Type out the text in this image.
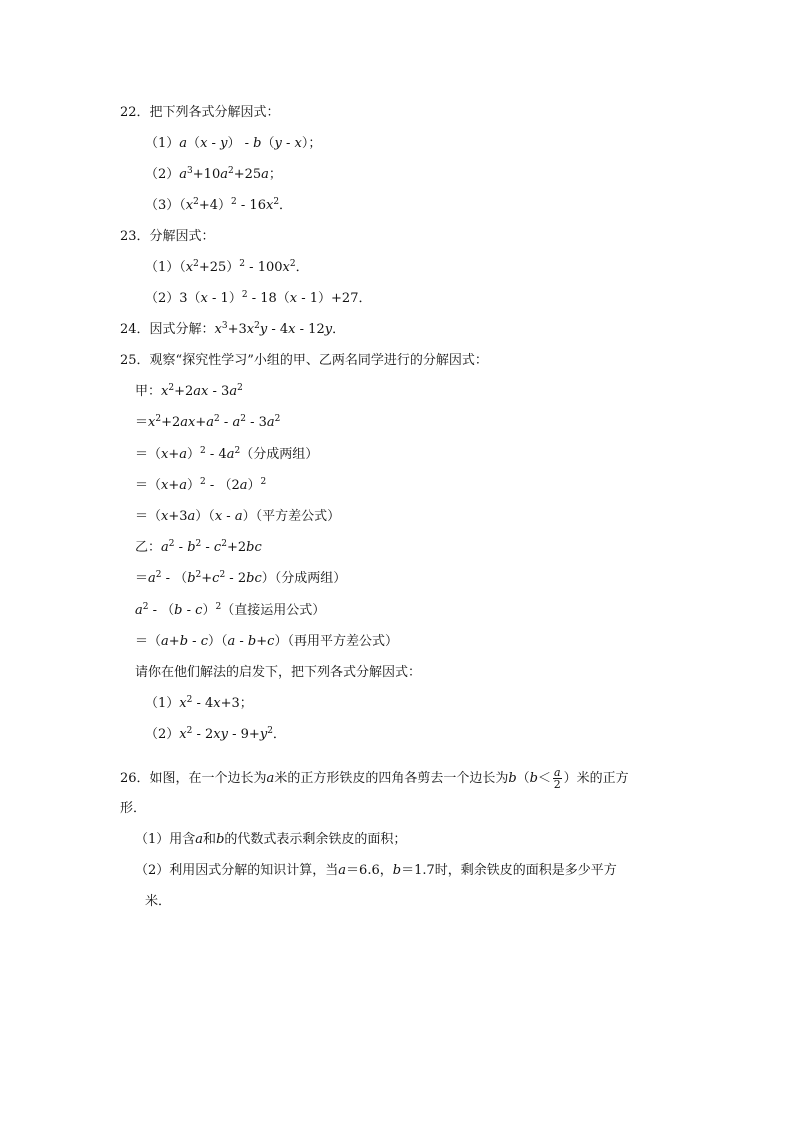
22．把下列各式分解因式：
（1）a（x - y） - b（y - x）；
$(2)a^3+10a^2+25a$；
$(3)(x^2+4)^2 - 16x^2$．
23．分解因式：
$(1)(x^2+25)^2 - 100x^2$．
（2）3（x - 1）$^2$ - 18（x - 1）+27．
24．因式分解：$x^3+3x^2y - 4x - 12y$．
25．观察“探究性学习”小组的甲、乙两名同学进行的分解因式：
甲：$x^2+2ax - 3a^2$
$=x^2+2ax+a^2 - a^2 - 3a^2$
$=(x+a)^2 - 4a^2$（分成两组）
$=(x+a)^2 - (2a)^2$
＝（x+3a）（x - a）（平方差公式）
乙：$a^2 - b^2 - c^2+2bc$
$=a^2 - (b^2+c^2 - 2bc)$（分成两组）
$a^2 - (b - c)^2$（直接运用公式）
＝（a+b - c）（a - b+c）（再用平方差公式）
请你在他们解法的启发下，把下列各式分解因式：
$(1)x^2 - 4x+3$；
$(2)x^2 - 2xy - 9+y^2$．
26．如图，在一个边长为a米的正方形铁皮的四角各剪去一个边长为$b(b< \frac{a}{2}$ ）米的正方
形．
（1）用含a和b的代数式表示剩余铁皮的面积；
（2）利用因式分解的知识计算，当a＝6.6，b＝1.7时，剩余铁皮的面积是多少平方
米．
